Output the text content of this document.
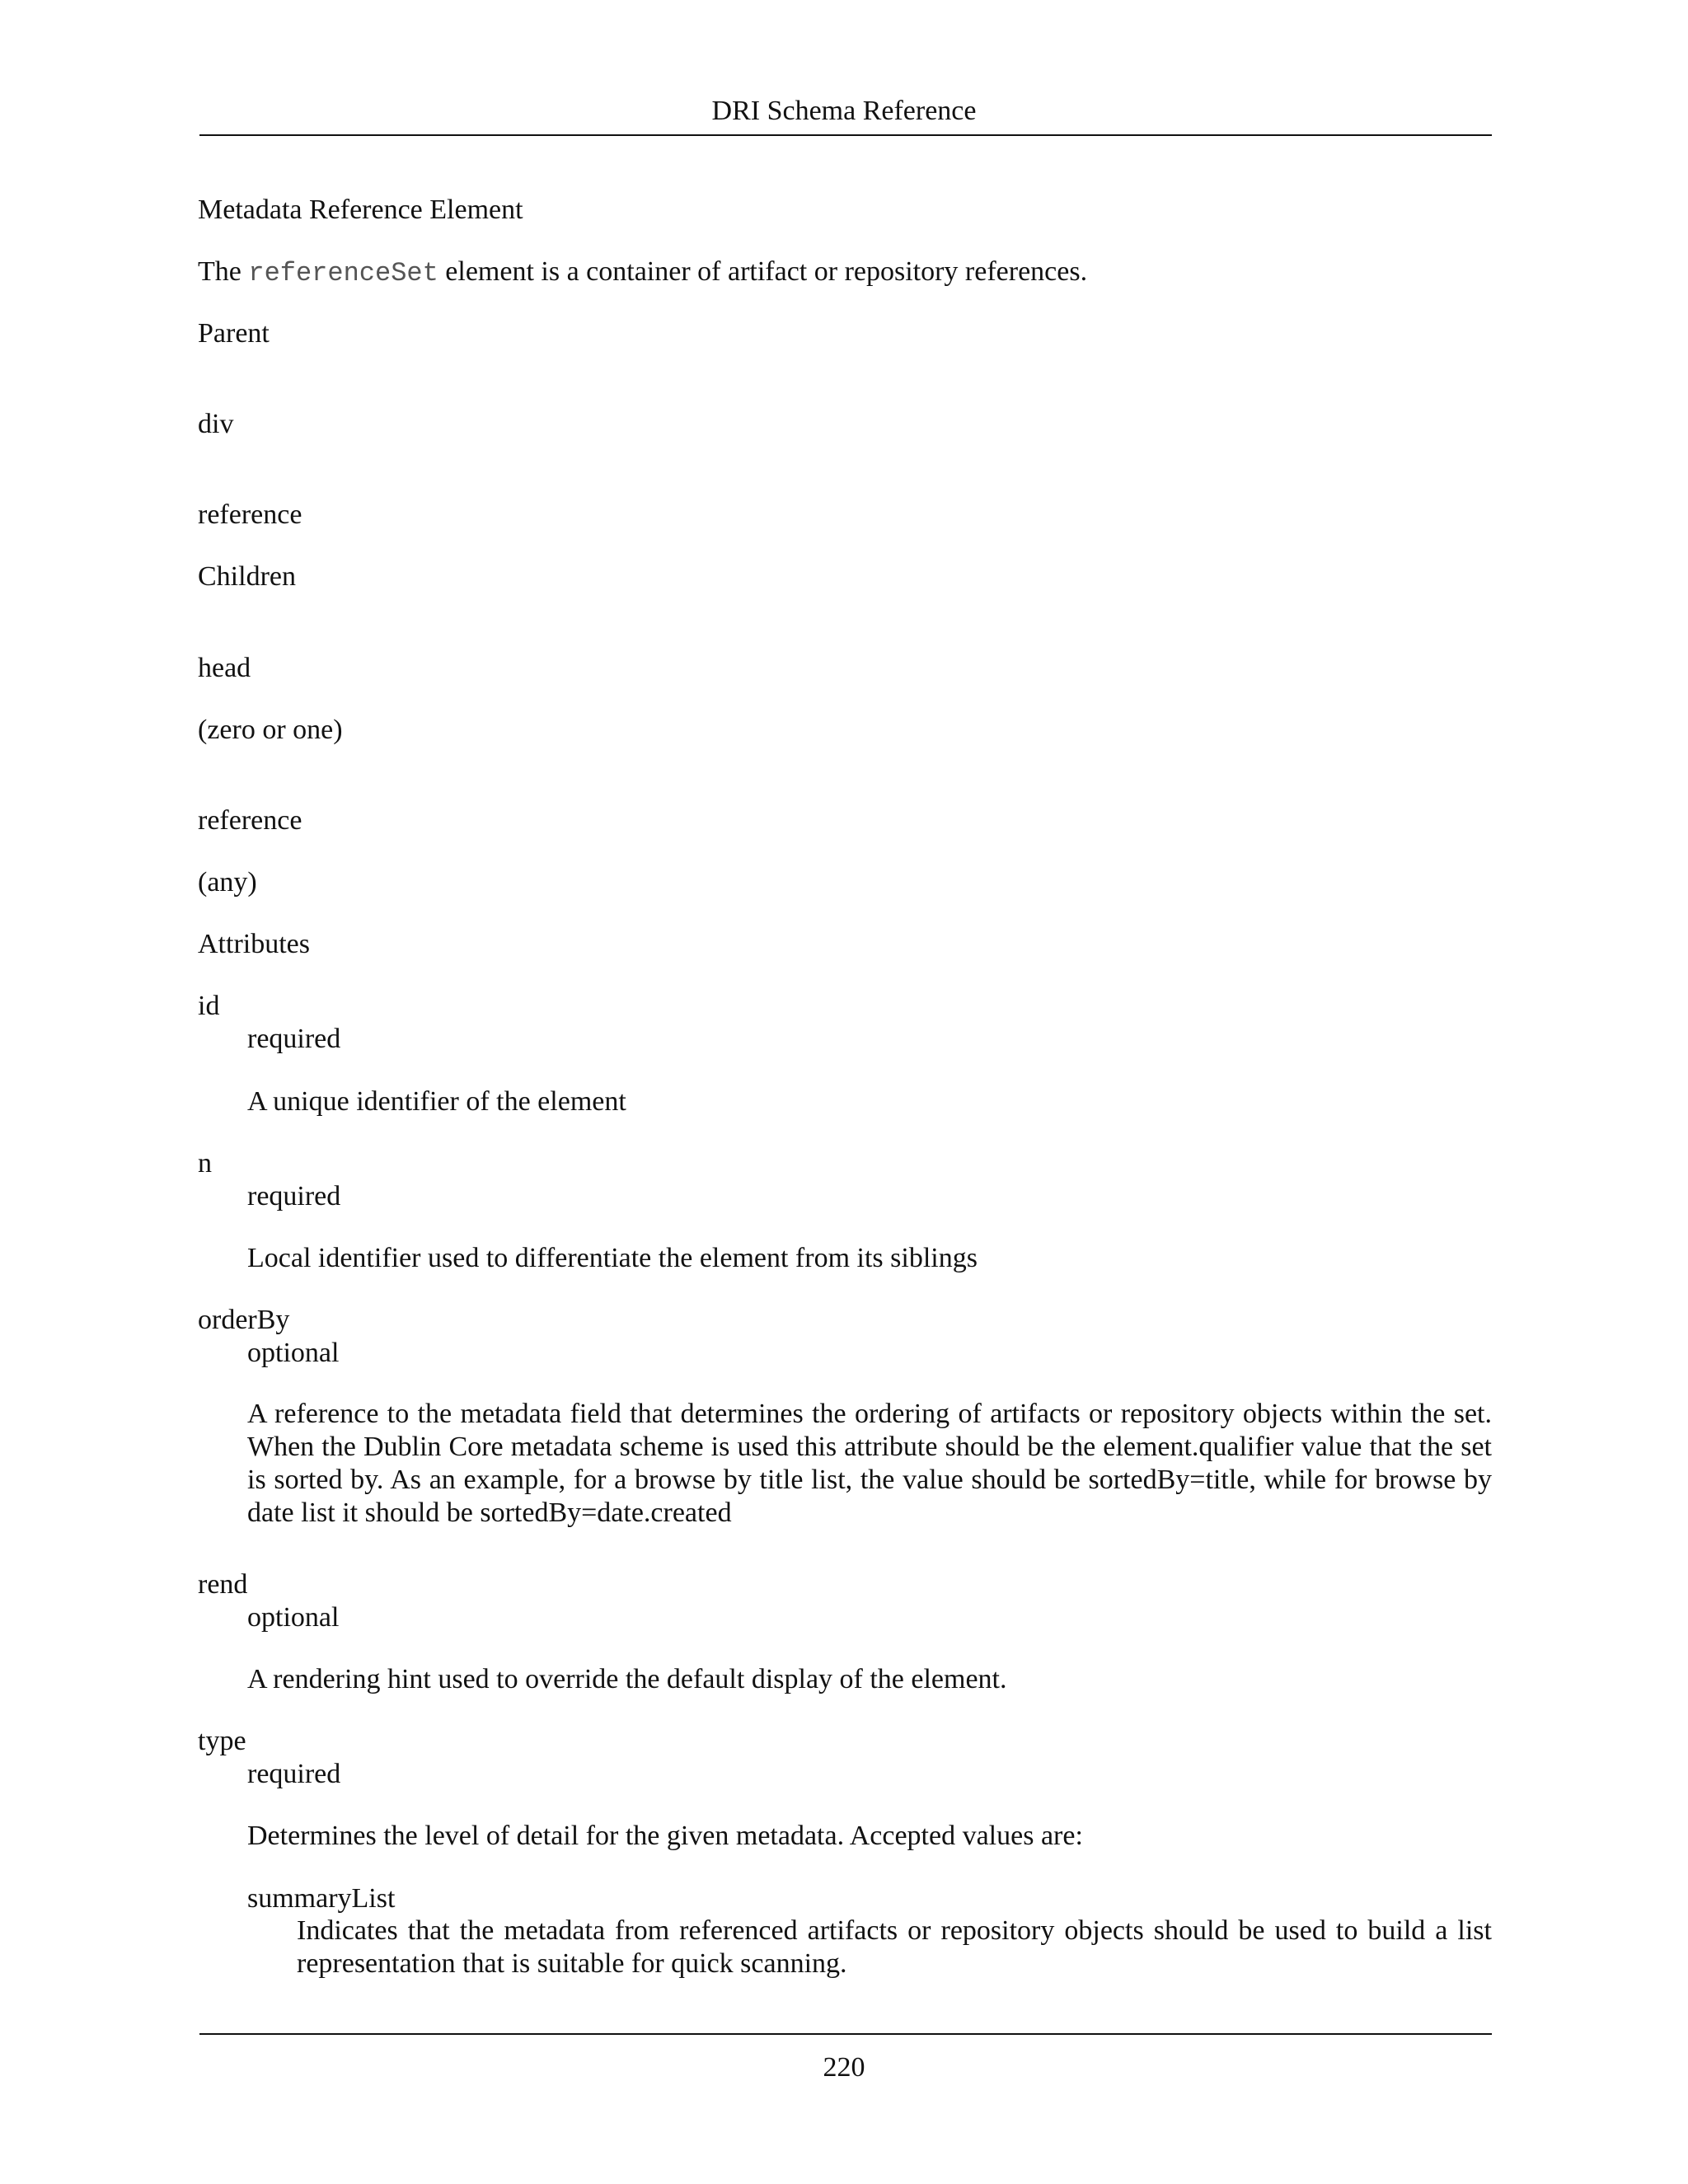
DRI Schema Reference
Metadata Reference Element
The referenceSet element is a container of artifact or repository references.
Parent
div
reference
Children
head
(zero or one)
reference
(any)
Attributes
id
required
A unique identifier of the element
n
required
Local identifier used to differentiate the element from its siblings
orderBy
optional
A reference to the metadata field that determines the ordering of artifacts or repository objects within the set. When the Dublin Core metadata scheme is used this attribute should be the element.qualifier value that the set is sorted by. As an example, for a browse by title list, the value should be sortedBy=title, while for browse by date list it should be sortedBy=date.created
rend
optional
A rendering hint used to override the default display of the element.
type
required
Determines the level of detail for the given metadata. Accepted values are:
summaryList
Indicates that the metadata from referenced artifacts or repository objects should be used to build a list representation that is suitable for quick scanning.
220
